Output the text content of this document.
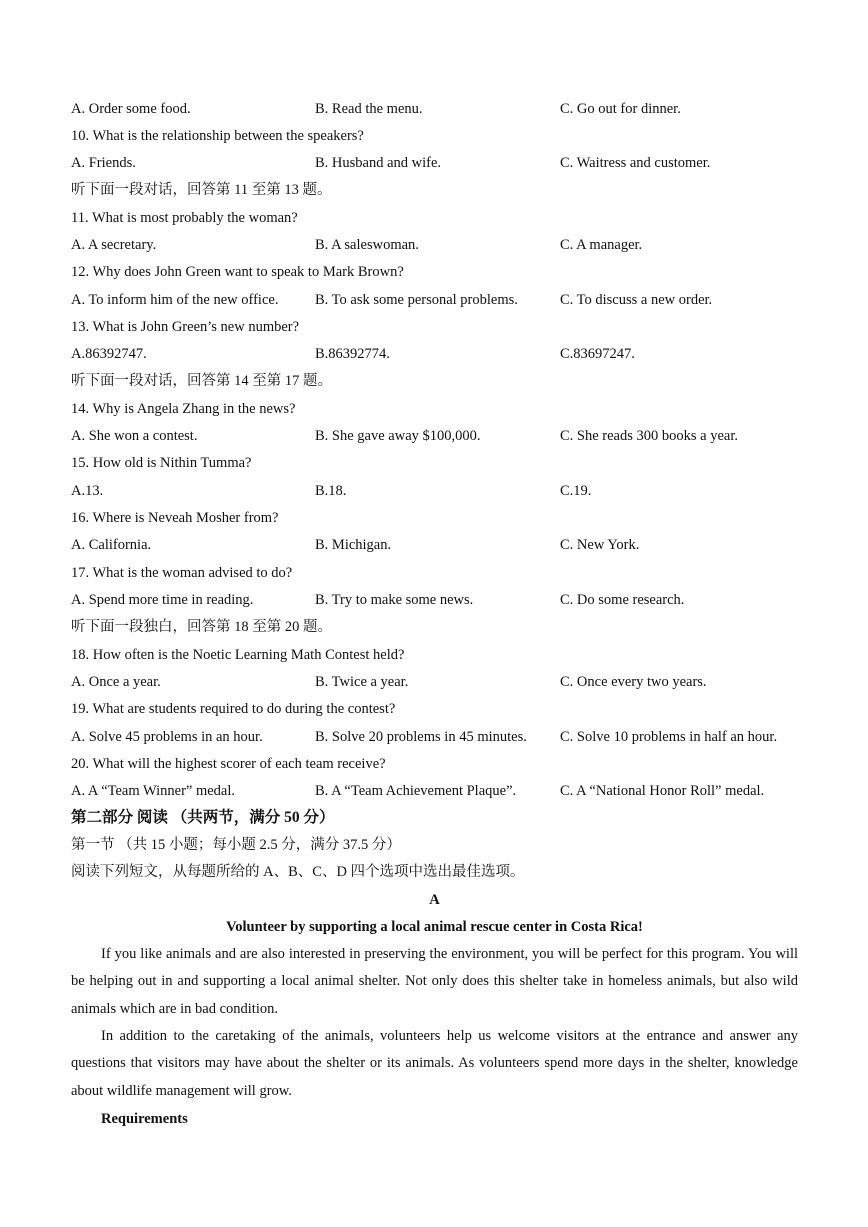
A. Order some food.	B. Read the menu.	C. Go out for dinner.
10. What is the relationship between the speakers?
A. Friends.	B. Husband and wife.	C. Waitress and customer.
听下面一段对话，回答第 11 至第 13 题。
11. What is most probably the woman?
A. A secretary.	B. A saleswoman.	C. A manager.
12. Why does John Green want to speak to Mark Brown?
A. To inform him of the new office.	B. To ask some personal problems.	C. To discuss a new order.
13. What is John Green’s new number?
A.86392747.	B.86392774.	C.83697247.
听下面一段对话，回答第 14 至第 17 题。
14. Why is Angela Zhang in the news?
A. She won a contest.	B. She gave away $100,000.	C. She reads 300 books a year.
15. How old is Nithin Tumma?
A.13.	B.18.	C.19.
16. Where is Neveah Mosher from?
A. California.	B. Michigan.	C. New York.
17. What is the woman advised to do?
A. Spend more time in reading.	B. Try to make some news.	C. Do some research.
听下面一段独白，回答第 18 至第 20 题。
18. How often is the Noetic Learning Math Contest held?
A. Once a year.	B. Twice a year.	C. Once every two years.
19. What are students required to do during the contest?
A. Solve 45 problems in an hour.	B. Solve 20 problems in 45 minutes. C. Solve 10 problems in half an hour.
20. What will the highest scorer of each team receive?
A. A “Team Winner” medal.	B. A “Team Achievement Plaque”.	C. A “National Honor Roll” medal.
第二部分 阅读 （共两节，满分 50 分）
第一节 （共 15 小题；每小题 2.5 分，满分 37.5 分）
阅读下列短文，从每题所给的 A、B、C、D 四个选项中选出最佳选项。
A
Volunteer by supporting a local animal rescue center in Costa Rica!
If you like animals and are also interested in preserving the environment, you will be perfect for this program. You will be helping out in and supporting a local animal shelter. Not only does this shelter take in homeless animals, but also wild animals which are in bad condition.
In addition to the caretaking of the animals, volunteers help us welcome visitors at the entrance and answer any questions that visitors may have about the shelter or its animals. As volunteers spend more days in the shelter, knowledge about wildlife management will grow.
Requirements
